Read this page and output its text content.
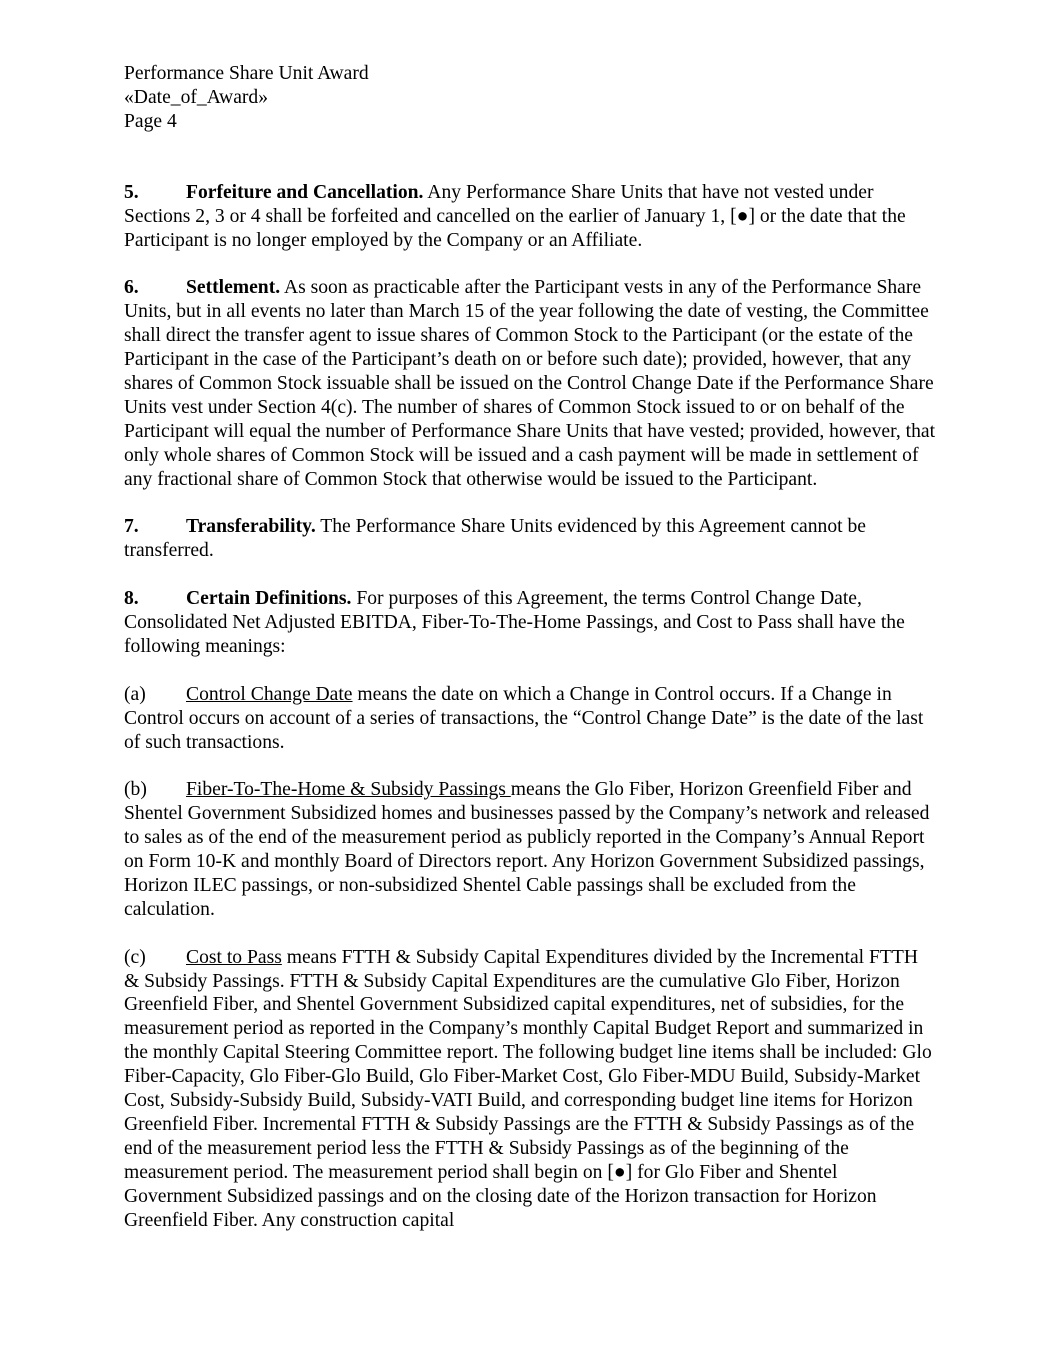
Performance Share Unit Award
«Date_of_Award»
Page 4

5. Forfeiture and Cancellation. Any Performance Share Units that have not vested under Sections 2, 3 or 4 shall be forfeited and cancelled on the earlier of January 1, [●] or the date that the Participant is no longer employed by the Company or an Affiliate.

6. Settlement. As soon as practicable after the Participant vests in any of the Performance Share Units, but in all events no later than March 15 of the year following the date of vesting, the Committee shall direct the transfer agent to issue shares of Common Stock to the Participant (or the estate of the Participant in the case of the Participant’s death on or before such date); provided, however, that any shares of Common Stock issuable shall be issued on the Control Change Date if the Performance Share Units vest under Section 4(c). The number of shares of Common Stock issued to or on behalf of the Participant will equal the number of Performance Share Units that have vested; provided, however, that only whole shares of Common Stock will be issued and a cash payment will be made in settlement of any fractional share of Common Stock that otherwise would be issued to the Participant.

7. Transferability. The Performance Share Units evidenced by this Agreement cannot be transferred.

8. Certain Definitions. For purposes of this Agreement, the terms Control Change Date, Consolidated Net Adjusted EBITDA, Fiber-To-The-Home Passings, and Cost to Pass shall have the following meanings:

(a) Control Change Date means the date on which a Change in Control occurs. If a Change in Control occurs on account of a series of transactions, the “Control Change Date” is the date of the last of such transactions.

(b) Fiber-To-The-Home & Subsidy Passings means the Glo Fiber, Horizon Greenfield Fiber and Shentel Government Subsidized homes and businesses passed by the Company’s network and released to sales as of the end of the measurement period as publicly reported in the Company’s Annual Report on Form 10-K and monthly Board of Directors report. Any Horizon Government Subsidized passings, Horizon ILEC passings, or non-subsidized Shentel Cable passings shall be excluded from the calculation.

(c) Cost to Pass means FTTH & Subsidy Capital Expenditures divided by the Incremental FTTH & Subsidy Passings. FTTH & Subsidy Capital Expenditures are the cumulative Glo Fiber, Horizon Greenfield Fiber, and Shentel Government Subsidized capital expenditures, net of subsidies, for the measurement period as reported in the Company’s monthly Capital Budget Report and summarized in the monthly Capital Steering Committee report. The following budget line items shall be included: Glo Fiber-Capacity, Glo Fiber-Glo Build, Glo Fiber-Market Cost, Glo Fiber-MDU Build, Subsidy-Market Cost, Subsidy-Subsidy Build, Subsidy-VATI Build, and corresponding budget line items for Horizon Greenfield Fiber. Incremental FTTH & Subsidy Passings are the FTTH & Subsidy Passings as of the end of the measurement period less the FTTH & Subsidy Passings as of the beginning of the measurement period. The measurement period shall begin on [●] for Glo Fiber and Shentel Government Subsidized passings and on the closing date of the Horizon transaction for Horizon Greenfield Fiber. Any construction capital
